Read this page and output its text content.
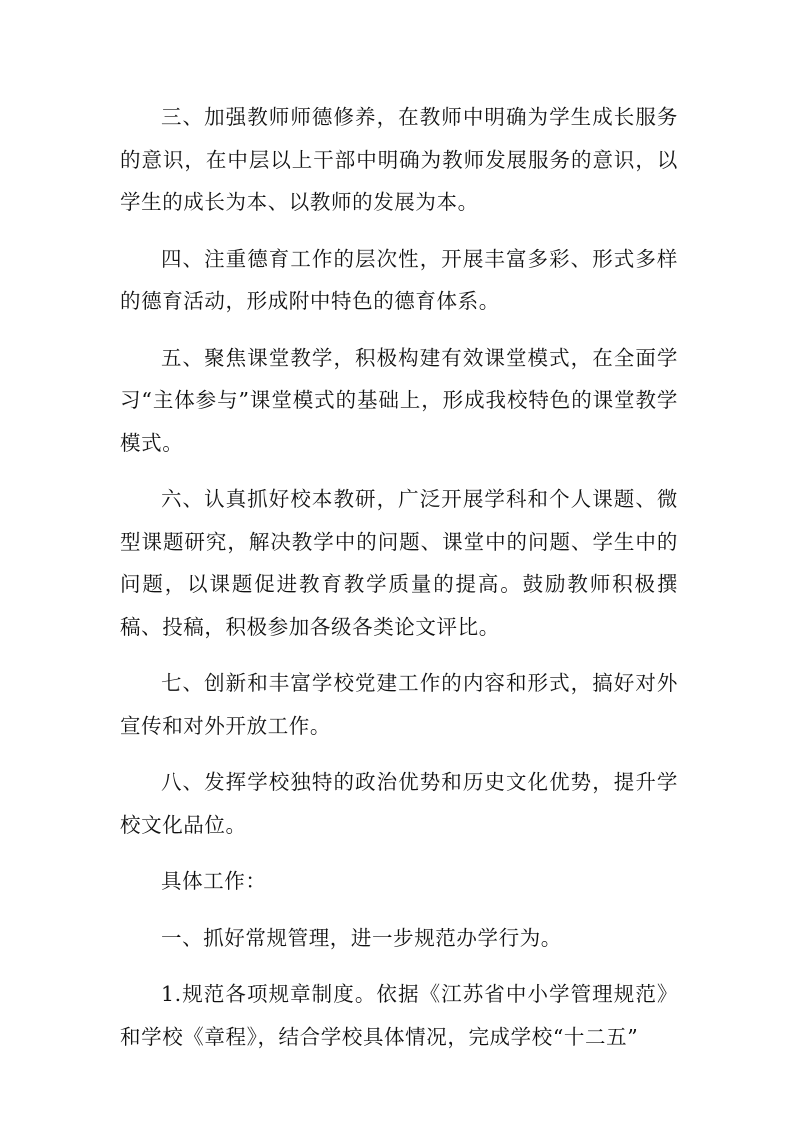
三、加强教师师德修养，在教师中明确为学生成长服务的意识，在中层以上干部中明确为教师发展服务的意识，以学生的成长为本、以教师的发展为本。

四、注重德育工作的层次性，开展丰富多彩、形式多样的德育活动，形成附中特色的德育体系。

五、聚焦课堂教学，积极构建有效课堂模式，在全面学习“主体参与”课堂模式的基础上，形成我校特色的课堂教学模式。

六、认真抓好校本教研，广泛开展学科和个人课题、微型课题研究，解决教学中的问题、课堂中的问题、学生中的问题，以课题促进教育教学质量的提高。鼓励教师积极撰稿、投稿，积极参加各级各类论文评比。

七、创新和丰富学校党建工作的内容和形式，搞好对外宣传和对外开放工作。

八、发挥学校独特的政治优势和历史文化优势，提升学校文化品位。

具体工作：

一、抓好常规管理，进一步规范办学行为。

1.规范各项规章制度。依据《江苏省中小学管理规范》和学校《章程》，结合学校具体情况，完成学校“十二五”
